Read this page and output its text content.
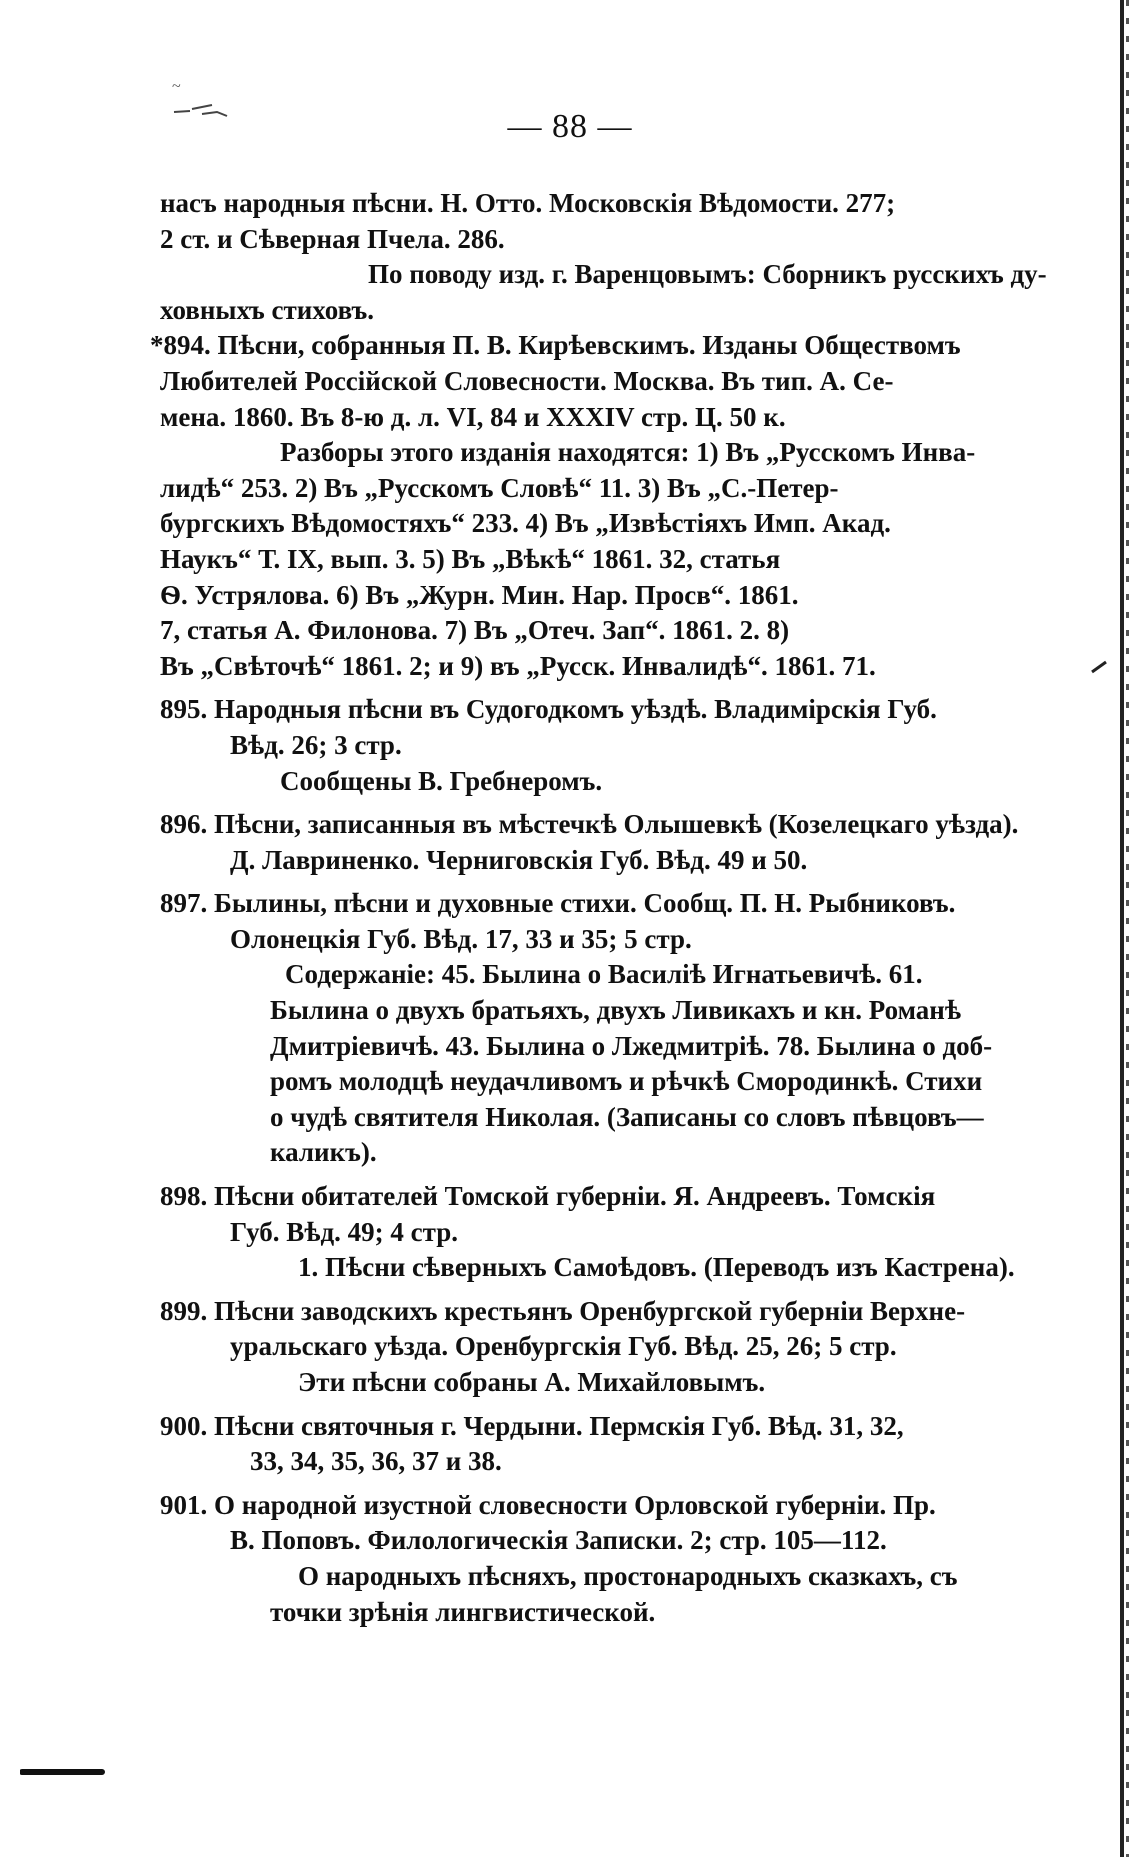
— 88 —
насъ народныя пѣсни. Н. Отто. Московскія Вѣдомости. 277;
2 ст. и Сѣверная Пчела. 286.
По поводу изд. г. Варенцовымъ: Сборникъ русскихъ ду-
ховныхъ стиховъ.
*894. Пѣсни, собранныя П. В. Кирѣевскимъ. Изданы Обществомъ
Любителей Россійской Словесности. Москва. Въ тип. А. Се-
мена. 1860. Въ 8-ю д. л. VI, 84 и XXXIV стр. Ц. 50 к.
Разборы этого изданія находятся: 1) Въ „Русскомъ Инва-
лидѣ“ 253. 2) Въ „Русскомъ Словѣ“ 11. 3) Въ „С.-Петер-
бургскихъ Вѣдомостяхъ“ 233. 4) Въ „Извѣстіяхъ Имп. Акад.
Наукъ“ Т. IX, вып. 3. 5) Въ „Вѣкѣ“ 1861. 32, статья
Ѳ. Устрялова. 6) Въ „Журн. Мин. Нар. Просв“. 1861.
7, статья А. Филонова. 7) Въ „Отеч. Зап“. 1861. 2. 8)
Въ „Свѣточѣ“ 1861. 2; и 9) въ „Русск. Инвалидѣ“. 1861. 71.
895. Народныя пѣсни въ Судогодкомъ уѣздѣ. Владимірскія Губ.
Вѣд. 26; 3 стр.
Сообщены В. Гребнеромъ.
896. Пѣсни, записанныя въ мѣстечкѣ Олышевкѣ (Козелецкаго уѣзда).
Д. Лавриненко. Черниговскія Губ. Вѣд. 49 и 50.
897. Былины, пѣсни и духовные стихи. Сообщ. П. Н. Рыбниковъ.
Олонецкія Губ. Вѣд. 17, 33 и 35; 5 стр.
Содержаніе: 45. Былина о Василіѣ Игнатьевичѣ. 61.
Былина о двухъ братьяхъ, двухъ Ливикахъ и кн. Романѣ
Дмитріевичѣ. 43. Былина о Лжедмитріѣ. 78. Былина о доб-
ромъ молодцѣ неудачливомъ и рѣчкѣ Смородинкѣ. Стихи
о чудѣ святителя Николая. (Записаны со словъ пѣвцовъ—
каликъ).
898. Пѣсни обитателей Томской губерніи. Я. Андреевъ. Томскія
Губ. Вѣд. 49; 4 стр.
1. Пѣсни сѣверныхъ Самоѣдовъ. (Переводъ изъ Кастрена).
899. Пѣсни заводскихъ крестьянъ Оренбургской губерніи Верхне-
уральскаго уѣзда. Оренбургскія Губ. Вѣд. 25, 26; 5 стр.
Эти пѣсни собраны А. Михайловымъ.
900. Пѣсни святочныя г. Чердыни. Пермскія Губ. Вѣд. 31, 32,
33, 34, 35, 36, 37 и 38.
901. О народной изустной словесности Орловской губерніи. Пр.
В. Поповъ. Филологическія Записки. 2; стр. 105—112.
О народныхъ пѣсняхъ, простонародныхъ сказкахъ, съ
точки зрѣнія лингвистической.
~
